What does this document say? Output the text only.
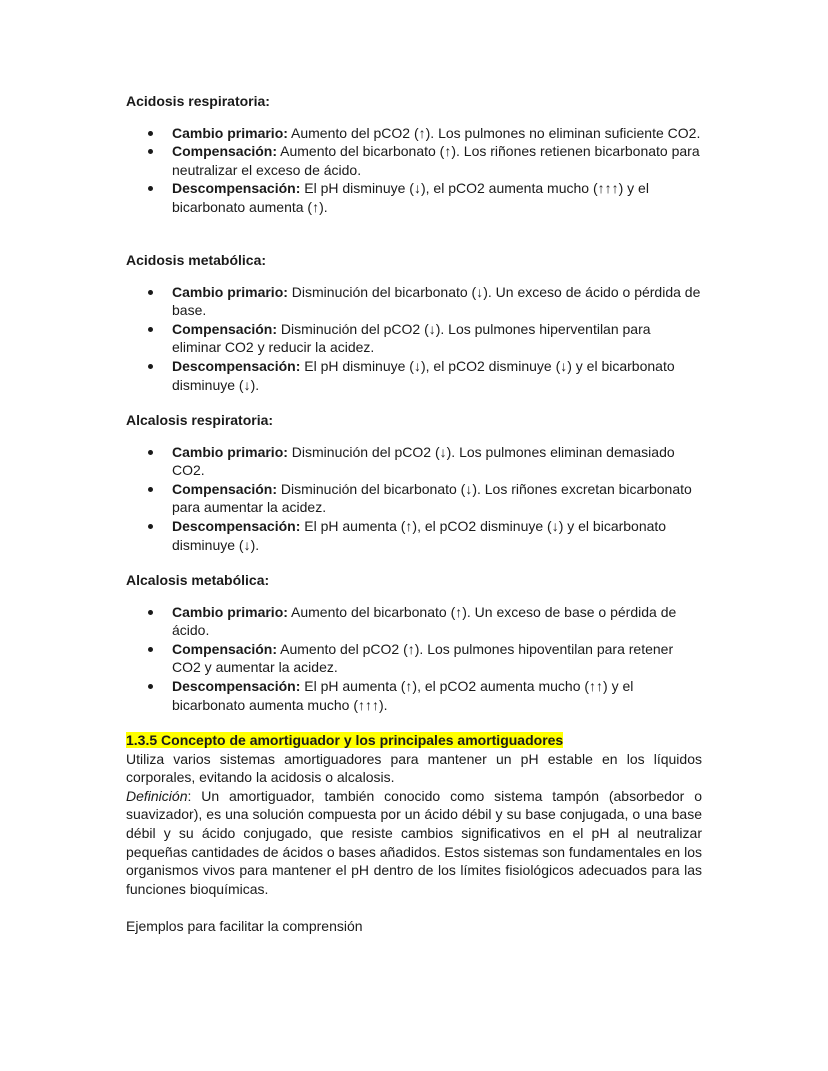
Acidosis respiratoria:
Cambio primario: Aumento del pCO2 (↑). Los pulmones no eliminan suficiente CO2.
Compensación: Aumento del bicarbonato (↑). Los riñones retienen bicarbonato para neutralizar el exceso de ácido.
Descompensación: El pH disminuye (↓), el pCO2 aumenta mucho (↑↑↑) y el bicarbonato aumenta (↑).
Acidosis metabólica:
Cambio primario: Disminución del bicarbonato (↓). Un exceso de ácido o pérdida de base.
Compensación: Disminución del pCO2 (↓). Los pulmones hiperventilan para eliminar CO2 y reducir la acidez.
Descompensación: El pH disminuye (↓), el pCO2 disminuye (↓) y el bicarbonato disminuye (↓).
Alcalosis respiratoria:
Cambio primario: Disminución del pCO2 (↓). Los pulmones eliminan demasiado CO2.
Compensación: Disminución del bicarbonato (↓). Los riñones excretan bicarbonato para aumentar la acidez.
Descompensación: El pH aumenta (↑), el pCO2 disminuye (↓) y el bicarbonato disminuye (↓).
Alcalosis metabólica:
Cambio primario: Aumento del bicarbonato (↑). Un exceso de base o pérdida de ácido.
Compensación: Aumento del pCO2 (↑). Los pulmones hipoventilan para retener CO2 y aumentar la acidez.
Descompensación: El pH aumenta (↑), el pCO2 aumenta mucho (↑↑) y el bicarbonato aumenta mucho (↑↑↑).

1.3.5 Concepto de amortiguador y los principales amortiguadores

Utiliza varios sistemas amortiguadores para mantener un pH estable en los líquidos corporales, evitando la acidosis o alcalosis.

Definición: Un amortiguador, también conocido como sistema tampón (absorbedor o suavizador), es una solución compuesta por un ácido débil y su base conjugada, o una base débil y su ácido conjugado, que resiste cambios significativos en el pH al neutralizar pequeñas cantidades de ácidos o bases añadidos. Estos sistemas son fundamentales en los organismos vivos para mantener el pH dentro de los límites fisiológicos adecuados para las funciones bioquímicas.

Ejemplos para facilitar la comprensión
